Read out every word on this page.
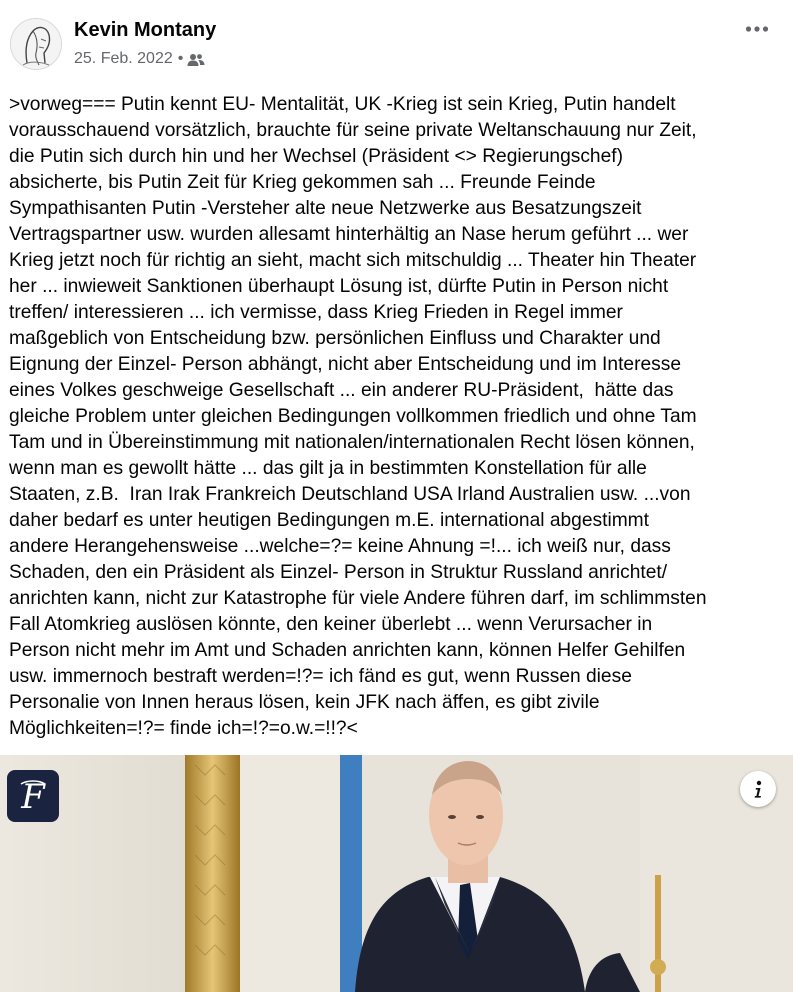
Kevin Montany
25. Feb. 2022 •

>vorweg=== Putin kennt EU- Mentalität, UK -Krieg ist sein Krieg, Putin handelt
vorausschauend vorsätzlich, brauchte für seine private Weltanschauung nur Zeit,
die Putin sich durch hin und her Wechsel (Präsident <> Regierungschef)
absicherte, bis Putin Zeit für Krieg gekommen sah ... Freunde Feinde
Sympathisanten Putin -Versteher alte neue Netzwerke aus Besatzungszeit
Vertragspartner usw. wurden allesamt hinterhältig an Nase herum geführt ... wer
Krieg jetzt noch für richtig an sieht, macht sich mitschuldig ... Theater hin Theater
her ... inwieweit Sanktionen überhaupt Lösung ist, dürfte Putin in Person nicht
treffen/ interessieren ... ich vermisse, dass Krieg Frieden in Regel immer
maßgeblich von Entscheidung bzw. persönlichen Einfluss und Charakter und
Eignung der Einzel- Person abhängt, nicht aber Entscheidung und im Interesse
eines Volkes geschweige Gesellschaft ... ein anderer RU-Präsident,  hätte das
gleiche Problem unter gleichen Bedingungen vollkommen friedlich und ohne Tam
Tam und in Übereinstimmung mit nationalen/internationalen Recht lösen können,
wenn man es gewollt hätte ... das gilt ja in bestimmten Konstellation für alle
Staaten, z.B.  Iran Irak Frankreich Deutschland USA Irland Australien usw. ...von
daher bedarf es unter heutigen Bedingungen m.E. international abgestimmt
andere Herangehensweise ...welche=?= keine Ahnung =!... ich weiß nur, dass
Schaden, den ein Präsident als Einzel- Person in Struktur Russland anrichtet/
anrichten kann, nicht zur Katastrophe für viele Andere führen darf, im schlimmsten
Fall Atomkrieg auslösen könnte, den keiner überlebt ... wenn Verursacher in
Person nicht mehr im Amt und Schaden anrichten kann, können Helfer Gehilfen
usw. immernoch bestraft werden=!?= ich fänd es gut, wenn Russen diese
Personalie von Innen heraus lösen, kein JFK nach äffen, es gibt zivile
Möglichkeiten=!?= finde ich=!?=o.w.=!!?<

F
